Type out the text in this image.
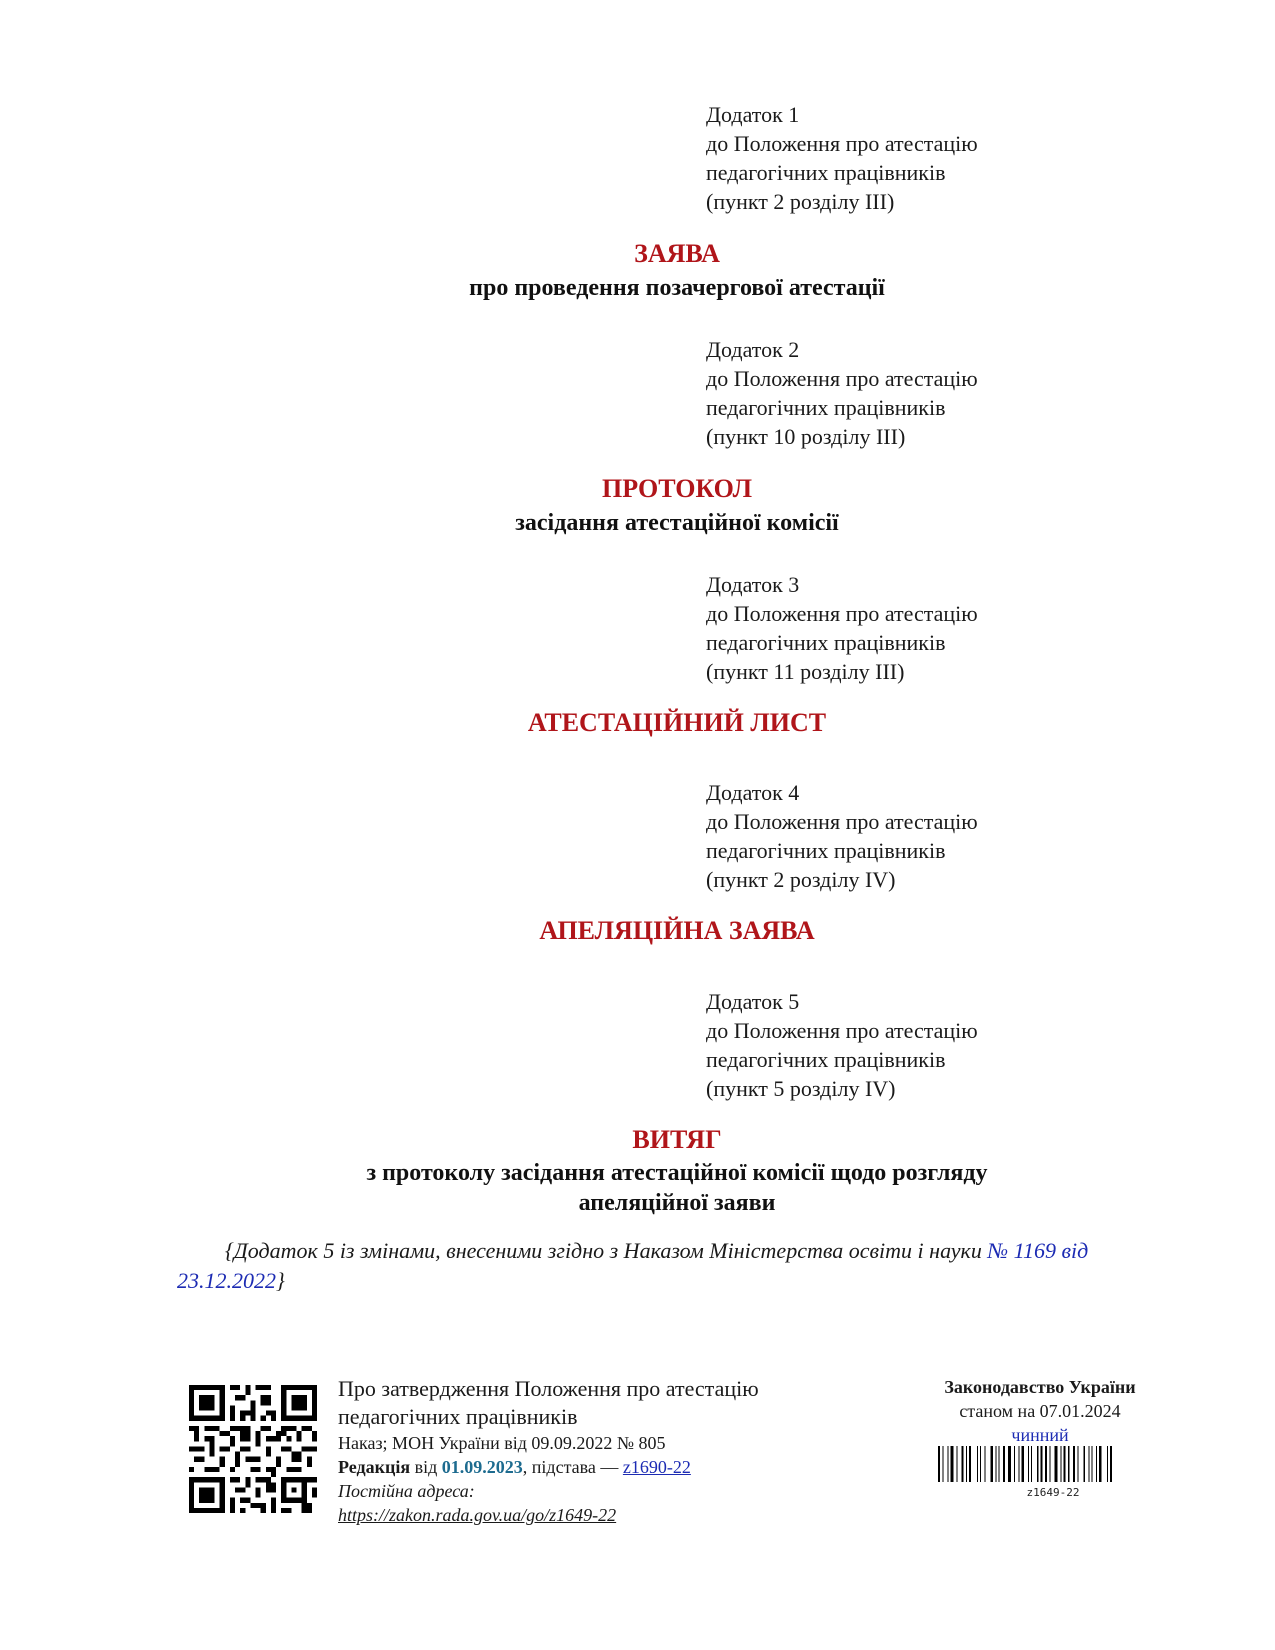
Додаток 1
до Положення про атестацію
педагогічних працівників
(пункт 2 розділу III)
ЗАЯВА
про проведення позачергової атестації
Додаток 2
до Положення про атестацію
педагогічних працівників
(пункт 10 розділу III)
ПРОТОКОЛ
засідання атестаційної комісії
Додаток 3
до Положення про атестацію
педагогічних працівників
(пункт 11 розділу III)
АТЕСТАЦІЙНИЙ ЛИСТ
Додаток 4
до Положення про атестацію
педагогічних працівників
(пункт 2 розділу IV)
АПЕЛЯЦІЙНА ЗАЯВА
Додаток 5
до Положення про атестацію
педагогічних працівників
(пункт 5 розділу IV)
ВИТЯГ
з протоколу засідання атестаційної комісії щодо розгляду
апеляційної заяви
{Додаток 5 із змінами, внесеними згідно з Наказом Міністерства освіти і науки № 1169 від 23.12.2022}
Про затвердження Положення про атестацію
педагогічних працівників
Наказ; МОН України від 09.09.2022 № 805
Редакція від 01.09.2023, підстава — z1690-22
Постійна адреса:
https://zakon.rada.gov.ua/go/z1649-22
Законодавство України
станом на 07.01.2024
чинний
z1649-22
